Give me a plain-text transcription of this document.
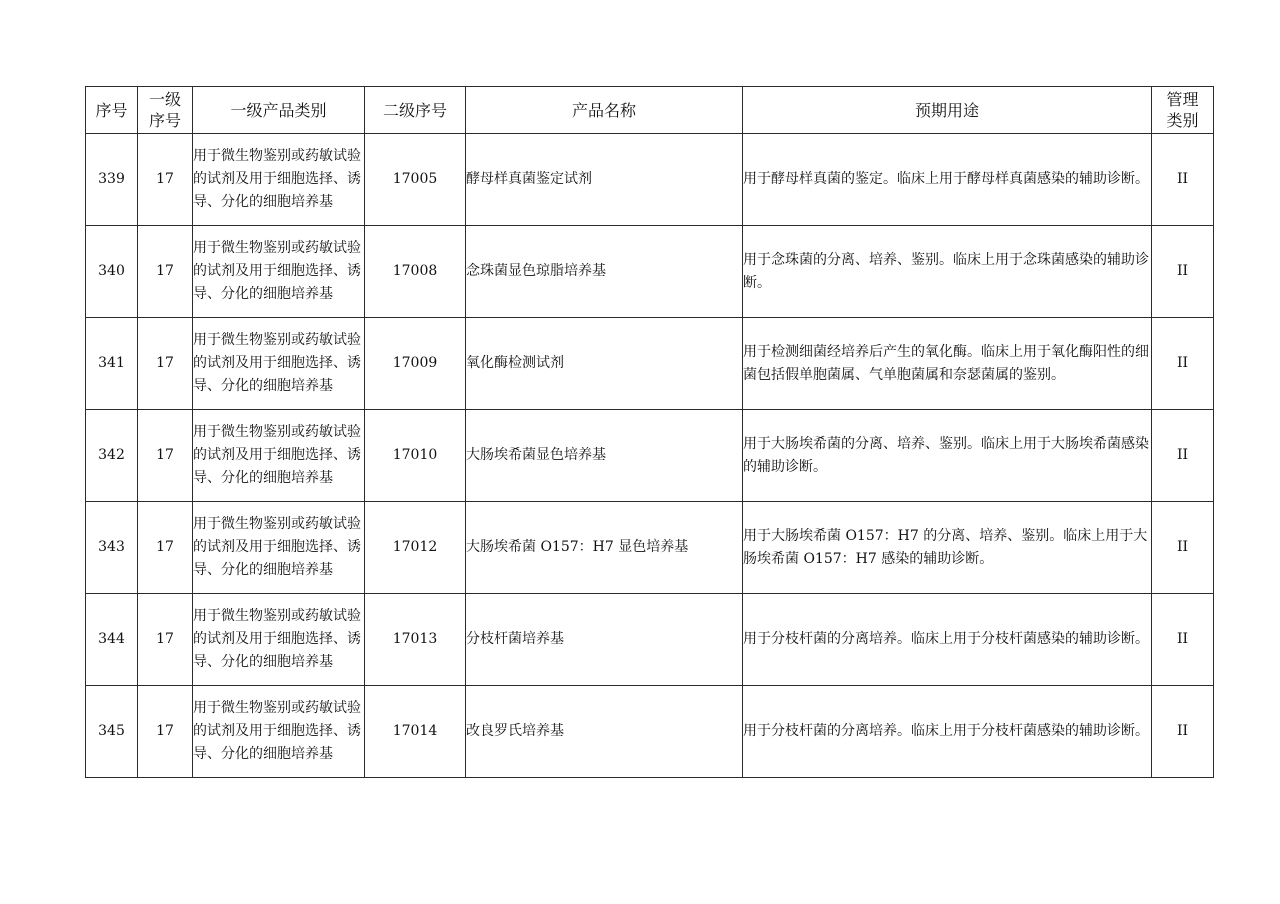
序号	一级序号	一级产品类别	二级序号	产品名称	预期用途	管理类别
339	17	用于微生物鉴别或药敏试验的试剂及用于细胞选择、诱导、分化的细胞培养基	17005	酵母样真菌鉴定试剂	用于酵母样真菌的鉴定。临床上用于酵母样真菌感染的辅助诊断。	II
340	17	用于微生物鉴别或药敏试验的试剂及用于细胞选择、诱导、分化的细胞培养基	17008	念珠菌显色琼脂培养基	用于念珠菌的分离、培养、鉴别。临床上用于念珠菌感染的辅助诊断。	II
341	17	用于微生物鉴别或药敏试验的试剂及用于细胞选择、诱导、分化的细胞培养基	17009	氧化酶检测试剂	用于检测细菌经培养后产生的氧化酶。临床上用于氧化酶阳性的细菌包括假单胞菌属、气单胞菌属和奈瑟菌属的鉴别。	II
342	17	用于微生物鉴别或药敏试验的试剂及用于细胞选择、诱导、分化的细胞培养基	17010	大肠埃希菌显色培养基	用于大肠埃希菌的分离、培养、鉴别。临床上用于大肠埃希菌感染的辅助诊断。	II
343	17	用于微生物鉴别或药敏试验的试剂及用于细胞选择、诱导、分化的细胞培养基	17012	大肠埃希菌 O157：H7 显色培养基	用于大肠埃希菌 O157：H7 的分离、培养、鉴别。临床上用于大肠埃希菌 O157：H7 感染的辅助诊断。	II
344	17	用于微生物鉴别或药敏试验的试剂及用于细胞选择、诱导、分化的细胞培养基	17013	分枝杆菌培养基	用于分枝杆菌的分离培养。临床上用于分枝杆菌感染的辅助诊断。	II
345	17	用于微生物鉴别或药敏试验的试剂及用于细胞选择、诱导、分化的细胞培养基	17014	改良罗氏培养基	用于分枝杆菌的分离培养。临床上用于分枝杆菌感染的辅助诊断。	II
